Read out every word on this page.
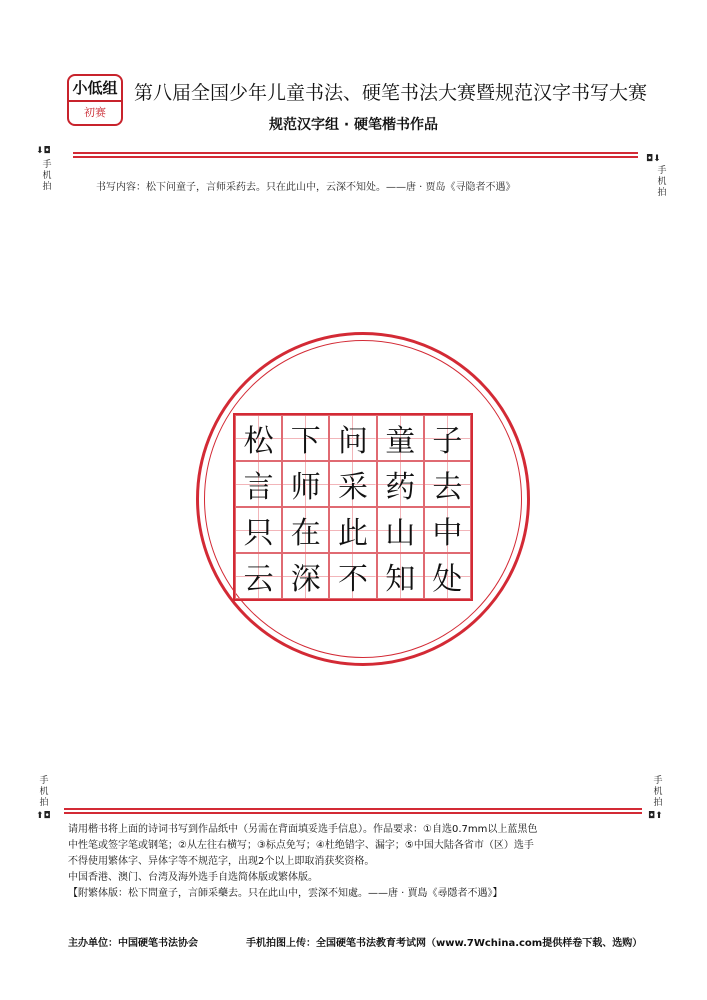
小低组
初赛
第八届全国少年儿童书法、硬笔书法大赛暨规范汉字书写大赛
规范汉字组 · 硬笔楷书作品
⬇◘
手
机
拍
◘⬇
手
机
拍
书写内容：松下问童子，言师采药去。只在此山中，云深不知处。——唐 · 贾岛《寻隐者不遇》
松 下 问 童 子
言 师 采 药 去
只 在 此 山 中
云 深 不 知 处
手
机
拍
⬆◘
手
机
拍
◘⬆

请用楷书将上面的诗词书写到作品纸中（另需在背面填妥选手信息）。作品要求：①自选0.7mm以上蓝黑色

中性笔或签字笔或钢笔；②从左往右横写；③标点免写；④杜绝错字、漏字；⑤中国大陆各省市（区）选手

不得使用繁体字、异体字等不规范字，出现2个以上即取消获奖资格。

中国香港、澳门、台湾及海外选手自选简体版或繁体版。

【附繁体版：松下問童子，言師采藥去。只在此山中，雲深不知處。——唐 · 賈島《尋隱者不遇》】

主办单位：中国硬笔书法协会	手机拍图上传：全国硬笔书法教育考试网（www.7Wchina.com提供样卷下载、选购）
